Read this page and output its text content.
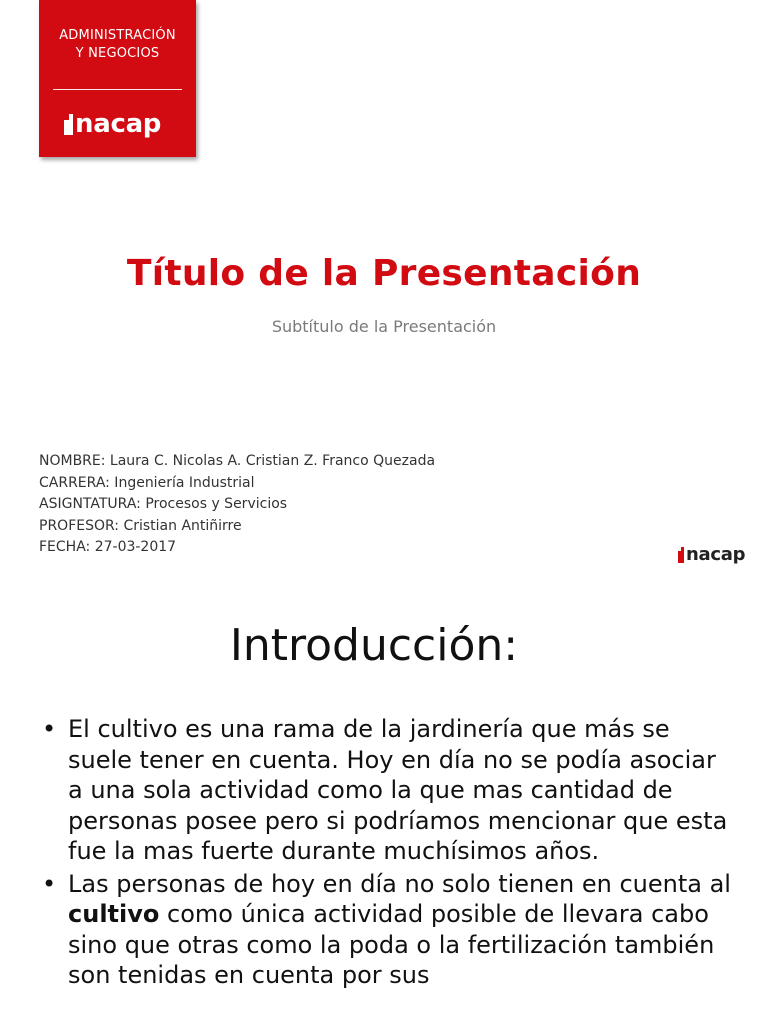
ADMINISTRACIÓN
Y NEGOCIOS
nacap
Título de la Presentación
Subtítulo de la Presentación
NOMBRE: Laura C. Nicolas A. Cristian Z. Franco Quezada
CARRERA: Ingeniería Industrial
ASIGNTATURA: Procesos y Servicios
PROFESOR: Cristian Antiñirre
FECHA: 27-03-2017	nacap
Introducción:
• El cultivo es una rama de la jardinería que más se suele tener en cuenta. Hoy en día no se podía asociar a una sola actividad como la que mas cantidad de personas posee pero si podríamos mencionar que esta fue la mas fuerte durante muchísimos años.
• Las personas de hoy en día no solo tienen en cuenta al cultivo como única actividad posible de llevara cabo sino que otras como la poda o la fertilización también son tenidas en cuenta por sus
